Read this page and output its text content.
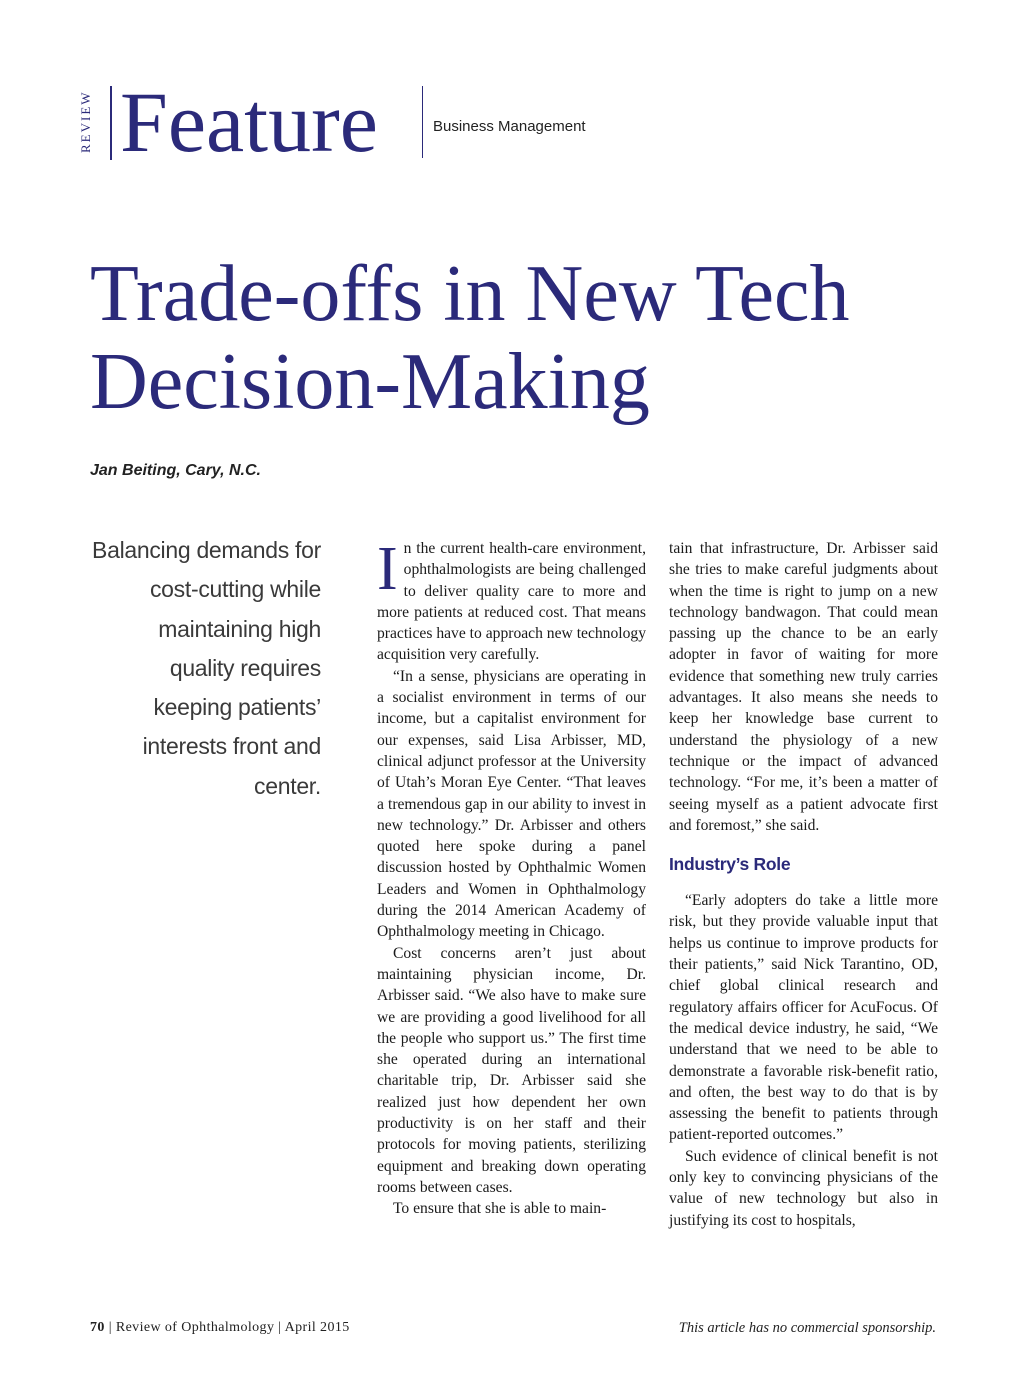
REVIEW Feature	Business Management
Trade-offs in New Tech
Decision-Making
Jan Beiting, Cary, N.C.
Balancing demands for cost-cutting while maintaining high quality requires keeping patients’ interests front and center.

In the current health-care environment, ophthalmologists are being challenged to deliver quality care to more and more patients at reduced cost. That means practices have to approach new technology acquisition very carefully.

“In a sense, physicians are operating in a socialist environment in terms of our income, but a capitalist environment for our expenses, said Lisa Arbisser, MD, clinical adjunct professor at the University of Utah’s Moran Eye Center. “That leaves a tremendous gap in our ability to invest in new technology.” Dr. Arbisser and others quoted here spoke during a panel discussion hosted by Ophthalmic Women Leaders and Women in Ophthalmology during the 2014 American Academy of Ophthalmology meeting in Chicago.

Cost concerns aren’t just about maintaining physician income, Dr. Arbisser said. “We also have to make sure we are providing a good livelihood for all the people who support us.” The first time she operated during an international charitable trip, Dr. Arbisser said she realized just how dependent her own productivity is on her staff and their protocols for moving patients, sterilizing equipment and breaking down operating rooms between cases.

To ensure that she is able to main-

tain that infrastructure, Dr. Arbisser said she tries to make careful judgments about when the time is right to jump on a new technology bandwagon. That could mean passing up the chance to be an early adopter in favor of waiting for more evidence that something new truly carries advantages. It also means she needs to keep her knowledge base current to understand the physiology of a new technique or the impact of advanced technology. “For me, it’s been a matter of seeing myself as a patient advocate first and foremost,” she said.

Industry’s Role

“Early adopters do take a little more risk, but they provide valuable input that helps us continue to improve products for their patients,” said Nick Tarantino, OD, chief global clinical research and regulatory affairs officer for AcuFocus. Of the medical device industry, he said, “We understand that we need to be able to demonstrate a favorable risk-benefit ratio, and often, the best way to do that is by assessing the benefit to patients through patient-reported outcomes.”

Such evidence of clinical benefit is not only key to convincing physicians of the value of new technology but also in justifying its cost to hospitals,

70 | Review of Ophthalmology | April 2015	This article has no commercial sponsorship.
